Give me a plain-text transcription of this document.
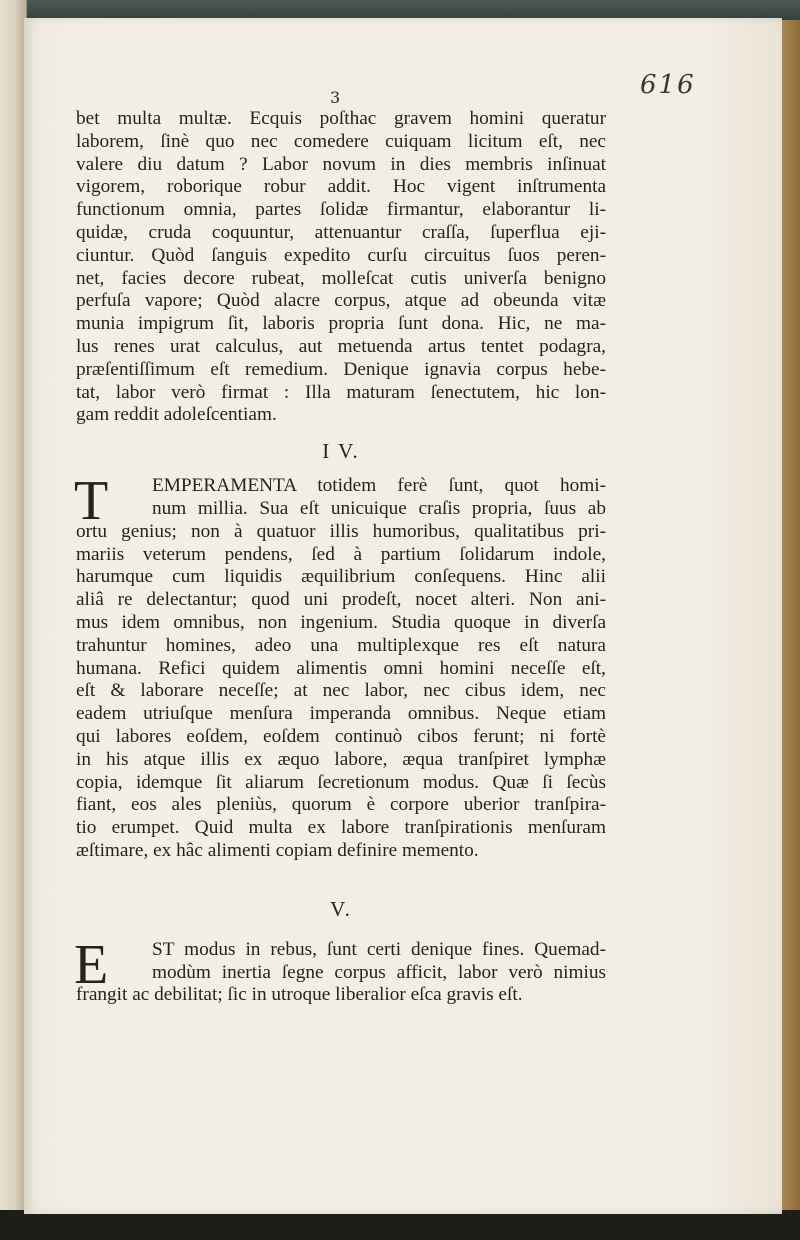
616
3
bet multa multæ. Ecquis poſthac gravem homini queratur
laborem, ſinè quo nec comedere cuiquam licitum eſt, nec
valere diu datum ? Labor novum in dies membris inſinuat
vigorem, roborique robur addit. Hoc vigent inſtrumenta
functionum omnia, partes ſolidæ firmantur, elaborantur li-
quidæ, cruda coquuntur, attenuantur craſſa, ſuperflua eji-
ciuntur. Quòd ſanguis expedito curſu circuitus ſuos peren-
net, facies decore rubeat, molleſcat cutis univerſa benigno
perfuſa vapore; Quòd alacre corpus, atque ad obeunda vitæ
munia impigrum ſit, laboris propria ſunt dona. Hic, ne ma-
lus renes urat calculus, aut metuenda artus tentet podagra,
præſentiſſimum eſt remedium. Denique ignavia corpus hebe-
tat, labor verò firmat : Illa maturam ſenectutem, hic lon-
gam reddit adoleſcentiam.
I V.
T	EMPERAMENTA totidem ferè ſunt, quot homi-
num millia. Sua eſt unicuique craſis propria, ſuus ab
ortu genius; non à quatuor illis humoribus, qualitatibus pri-
mariis veterum pendens, ſed à partium ſolidarum indole,
harumque cum liquidis æquilibrium conſequens. Hinc alii
aliâ re delectantur; quod uni prodeſt, nocet alteri. Non ani-
mus idem omnibus, non ingenium. Studia quoque in diverſa
trahuntur homines, adeo una multiplexque res eſt natura
humana. Refici quidem alimentis omni homini neceſſe eſt,
eſt & laborare neceſſe; at nec labor, nec cibus idem, nec
eadem utriuſque menſura imperanda omnibus. Neque etiam
qui labores eoſdem, eoſdem continuò cibos ferunt; ni fortè
in his atque illis ex æquo labore, æqua tranſpiret lymphæ
copia, idemque ſit aliarum ſecretionum modus. Quæ ſi ſecùs
fiant, eos ales pleniùs, quorum è corpore uberior tranſpira-
tio erumpet. Quid multa ex labore tranſpirationis menſuram
æſtimare, ex hâc alimenti copiam definire memento.
V.
E	ST modus in rebus, ſunt certi denique fines. Quemad-
modùm inertia ſegne corpus afficit, labor verò nimius
frangit ac debilitat; ſic in utroque liberalior eſca gravis eſt.
